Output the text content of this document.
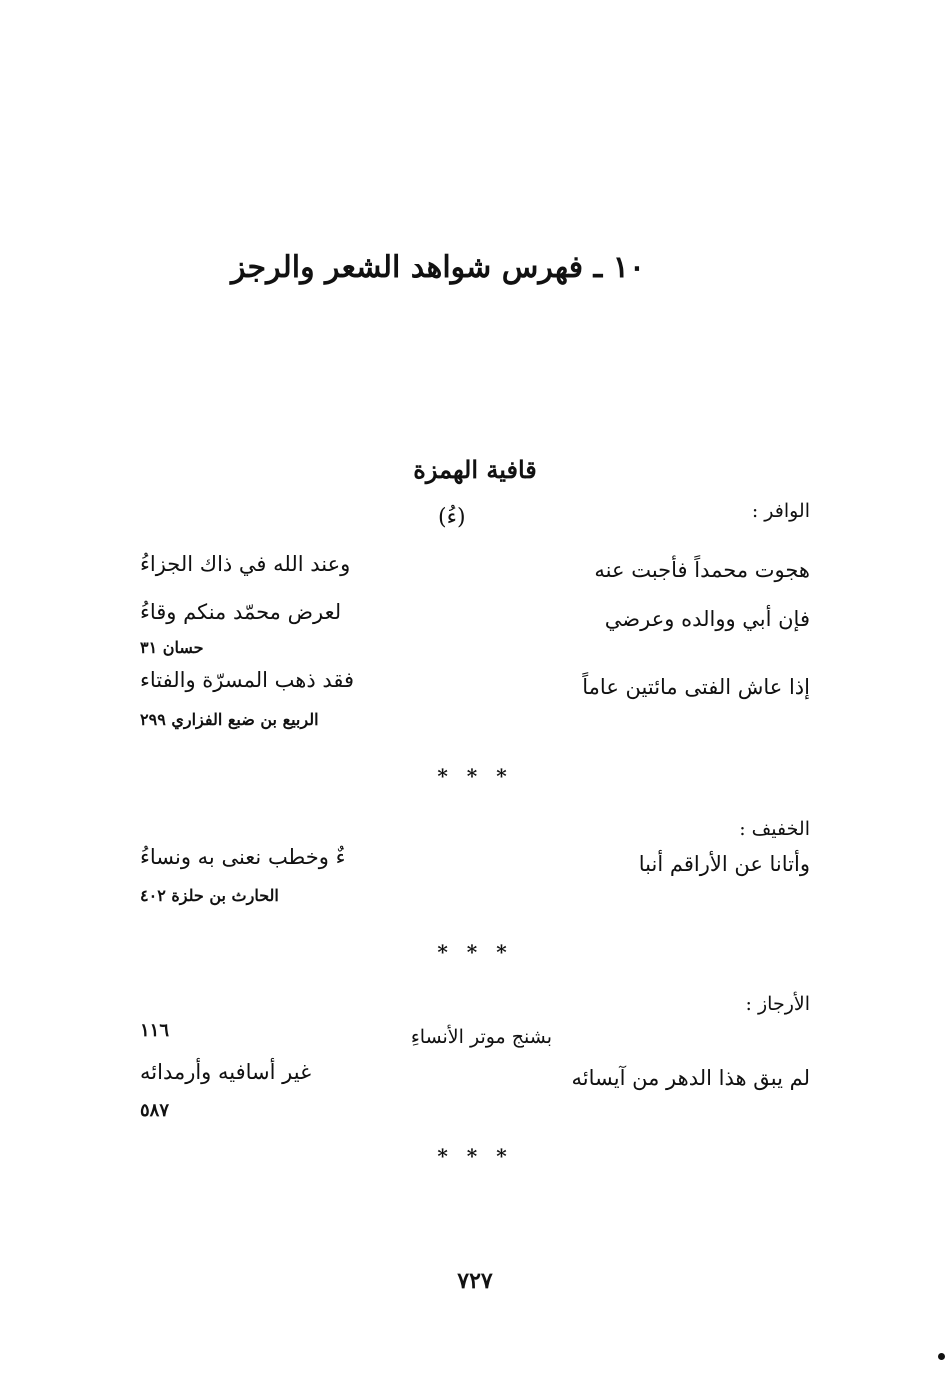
١٠ ـ فهرس شواهد الشعر والرجز
قافية الهمزة
الوافر :
(ءُ)
هجوت محمداً فأجبت عنه
وعند الله في ذاك الجزاءُ
فإن أبي ووالده وعرضي
لعرض محمّد منكم وقاءُ
حسان ٣١
إذا عاش الفتى مائتين عاماً
فقد ذهب المسرّة والفتاء
الربيع بن ضبع الفزاري ٢٩٩
* * *
الخفيف :
وأتانا عن الأراقم أنبا
ءٌ وخطب نعنى به ونساءُ
الحارث بن حلزة ٤٠٢
* * *
الأرجاز :
بشنج موتر الأنساءِ
١١٦
لم يبق هذا الدهر من آيسائه
غير أسافيه وأرمدائه
٥٨٧
* * *
٧٢٧
